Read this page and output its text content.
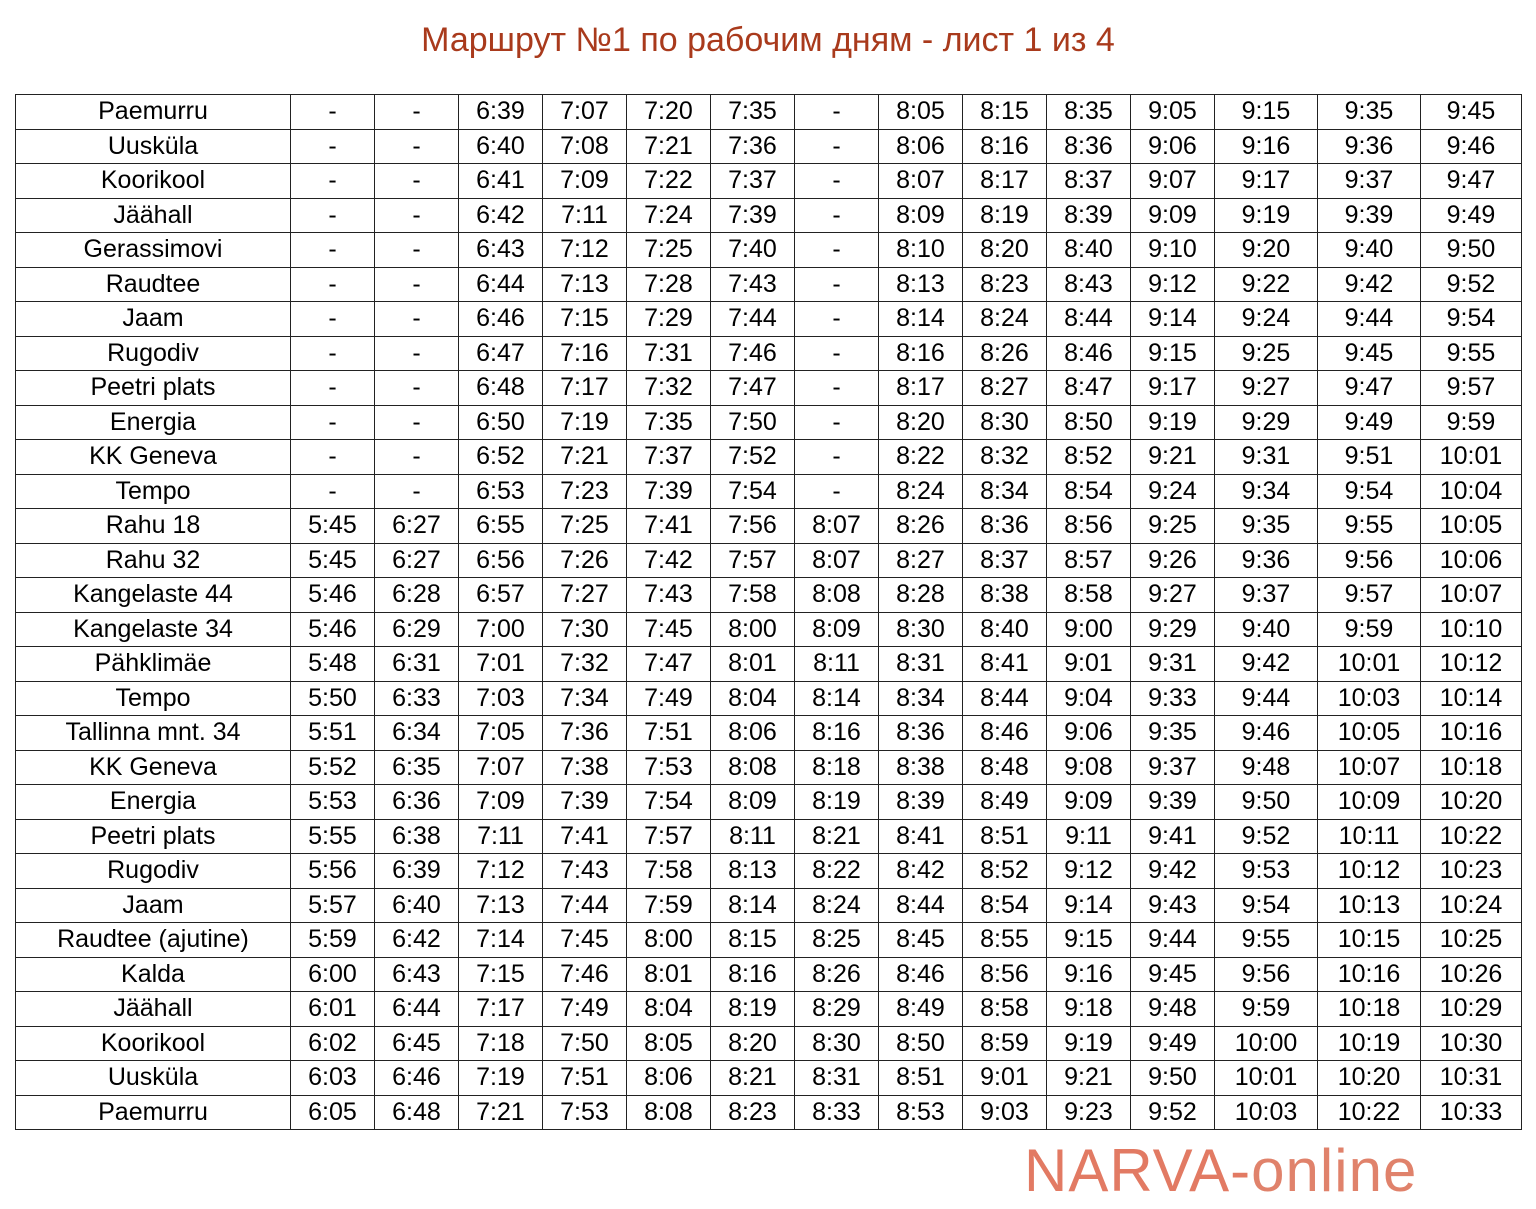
Маршрут №1 по рабочим дням - лист 1 из 4
Paemurru	-	-	6:39	7:07	7:20	7:35	-	8:05	8:15	8:35	9:05	9:15	9:35	9:45
Uusküla	-	-	6:40	7:08	7:21	7:36	-	8:06	8:16	8:36	9:06	9:16	9:36	9:46
Koorikool	-	-	6:41	7:09	7:22	7:37	-	8:07	8:17	8:37	9:07	9:17	9:37	9:47
Jäähall	-	-	6:42	7:11	7:24	7:39	-	8:09	8:19	8:39	9:09	9:19	9:39	9:49
Gerassimovi	-	-	6:43	7:12	7:25	7:40	-	8:10	8:20	8:40	9:10	9:20	9:40	9:50
Raudtee	-	-	6:44	7:13	7:28	7:43	-	8:13	8:23	8:43	9:12	9:22	9:42	9:52
Jaam	-	-	6:46	7:15	7:29	7:44	-	8:14	8:24	8:44	9:14	9:24	9:44	9:54
Rugodiv	-	-	6:47	7:16	7:31	7:46	-	8:16	8:26	8:46	9:15	9:25	9:45	9:55
Peetri plats	-	-	6:48	7:17	7:32	7:47	-	8:17	8:27	8:47	9:17	9:27	9:47	9:57
Energia	-	-	6:50	7:19	7:35	7:50	-	8:20	8:30	8:50	9:19	9:29	9:49	9:59
KK Geneva	-	-	6:52	7:21	7:37	7:52	-	8:22	8:32	8:52	9:21	9:31	9:51	10:01
Tempo	-	-	6:53	7:23	7:39	7:54	-	8:24	8:34	8:54	9:24	9:34	9:54	10:04
Rahu 18	5:45	6:27	6:55	7:25	7:41	7:56	8:07	8:26	8:36	8:56	9:25	9:35	9:55	10:05
Rahu 32	5:45	6:27	6:56	7:26	7:42	7:57	8:07	8:27	8:37	8:57	9:26	9:36	9:56	10:06
Kangelaste 44	5:46	6:28	6:57	7:27	7:43	7:58	8:08	8:28	8:38	8:58	9:27	9:37	9:57	10:07
Kangelaste 34	5:46	6:29	7:00	7:30	7:45	8:00	8:09	8:30	8:40	9:00	9:29	9:40	9:59	10:10
Pähklimäe	5:48	6:31	7:01	7:32	7:47	8:01	8:11	8:31	8:41	9:01	9:31	9:42	10:01	10:12
Tempo	5:50	6:33	7:03	7:34	7:49	8:04	8:14	8:34	8:44	9:04	9:33	9:44	10:03	10:14
Tallinna mnt. 34	5:51	6:34	7:05	7:36	7:51	8:06	8:16	8:36	8:46	9:06	9:35	9:46	10:05	10:16
KK Geneva	5:52	6:35	7:07	7:38	7:53	8:08	8:18	8:38	8:48	9:08	9:37	9:48	10:07	10:18
Energia	5:53	6:36	7:09	7:39	7:54	8:09	8:19	8:39	8:49	9:09	9:39	9:50	10:09	10:20
Peetri plats	5:55	6:38	7:11	7:41	7:57	8:11	8:21	8:41	8:51	9:11	9:41	9:52	10:11	10:22
Rugodiv	5:56	6:39	7:12	7:43	7:58	8:13	8:22	8:42	8:52	9:12	9:42	9:53	10:12	10:23
Jaam	5:57	6:40	7:13	7:44	7:59	8:14	8:24	8:44	8:54	9:14	9:43	9:54	10:13	10:24
Raudtee (ajutine)	5:59	6:42	7:14	7:45	8:00	8:15	8:25	8:45	8:55	9:15	9:44	9:55	10:15	10:25
Kalda	6:00	6:43	7:15	7:46	8:01	8:16	8:26	8:46	8:56	9:16	9:45	9:56	10:16	10:26
Jäähall	6:01	6:44	7:17	7:49	8:04	8:19	8:29	8:49	8:58	9:18	9:48	9:59	10:18	10:29
Koorikool	6:02	6:45	7:18	7:50	8:05	8:20	8:30	8:50	8:59	9:19	9:49	10:00	10:19	10:30
Uusküla	6:03	6:46	7:19	7:51	8:06	8:21	8:31	8:51	9:01	9:21	9:50	10:01	10:20	10:31
Paemurru	6:05	6:48	7:21	7:53	8:08	8:23	8:33	8:53	9:03	9:23	9:52	10:03	10:22	10:33
NARVA-online
